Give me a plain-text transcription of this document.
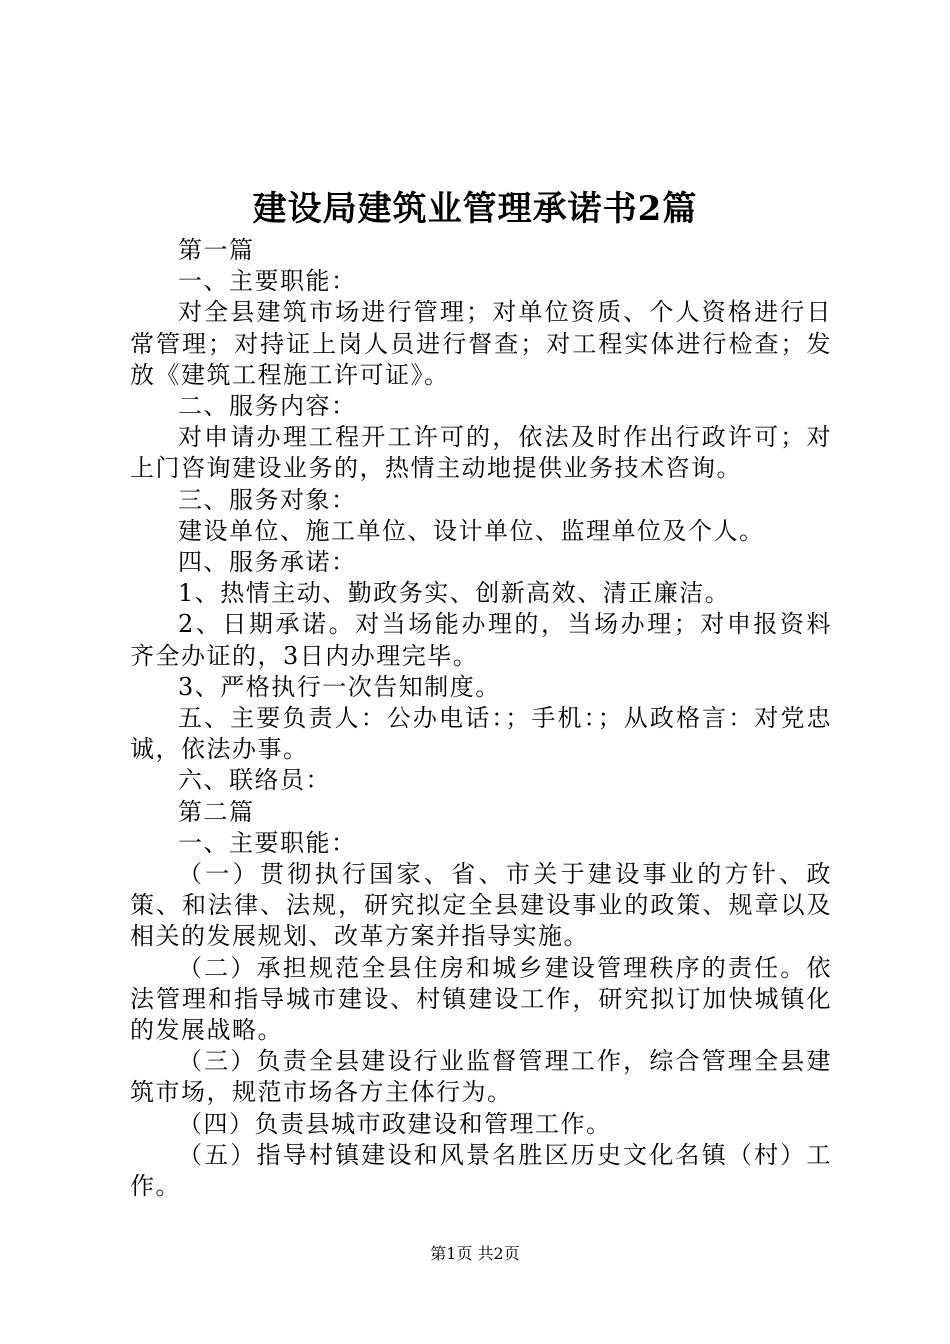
建设局建筑业管理承诺书2篇

第一篇

一、主要职能：

对全县建筑市场进行管理；对单位资质、个人资格进行日常管理；对持证上岗人员进行督查；对工程实体进行检查；发放《建筑工程施工许可证》。

二、服务内容：

对申请办理工程开工许可的，依法及时作出行政许可；对上门咨询建设业务的，热情主动地提供业务技术咨询。

三、服务对象：

建设单位、施工单位、设计单位、监理单位及个人。

四、服务承诺：

1、热情主动、勤政务实、创新高效、清正廉洁。

2、日期承诺。对当场能办理的，当场办理；对申报资料齐全办证的，3日内办理完毕。

3、严格执行一次告知制度。

五、主要负责人：公办电话：；手机：；从政格言：对党忠诚，依法办事。

六、联络员：

第二篇

一、主要职能：

（一）贯彻执行国家、省、市关于建设事业的方针、政策、和法律、法规，研究拟定全县建设事业的政策、规章以及相关的发展规划、改革方案并指导实施。

（二）承担规范全县住房和城乡建设管理秩序的责任。依法管理和指导城市建设、村镇建设工作，研究拟订加快城镇化的发展战略。

（三）负责全县建设行业监督管理工作，综合管理全县建筑市场，规范市场各方主体行为。

（四）负责县城市政建设和管理工作。

（五）指导村镇建设和风景名胜区历史文化名镇（村）工作。

第1页 共2页
